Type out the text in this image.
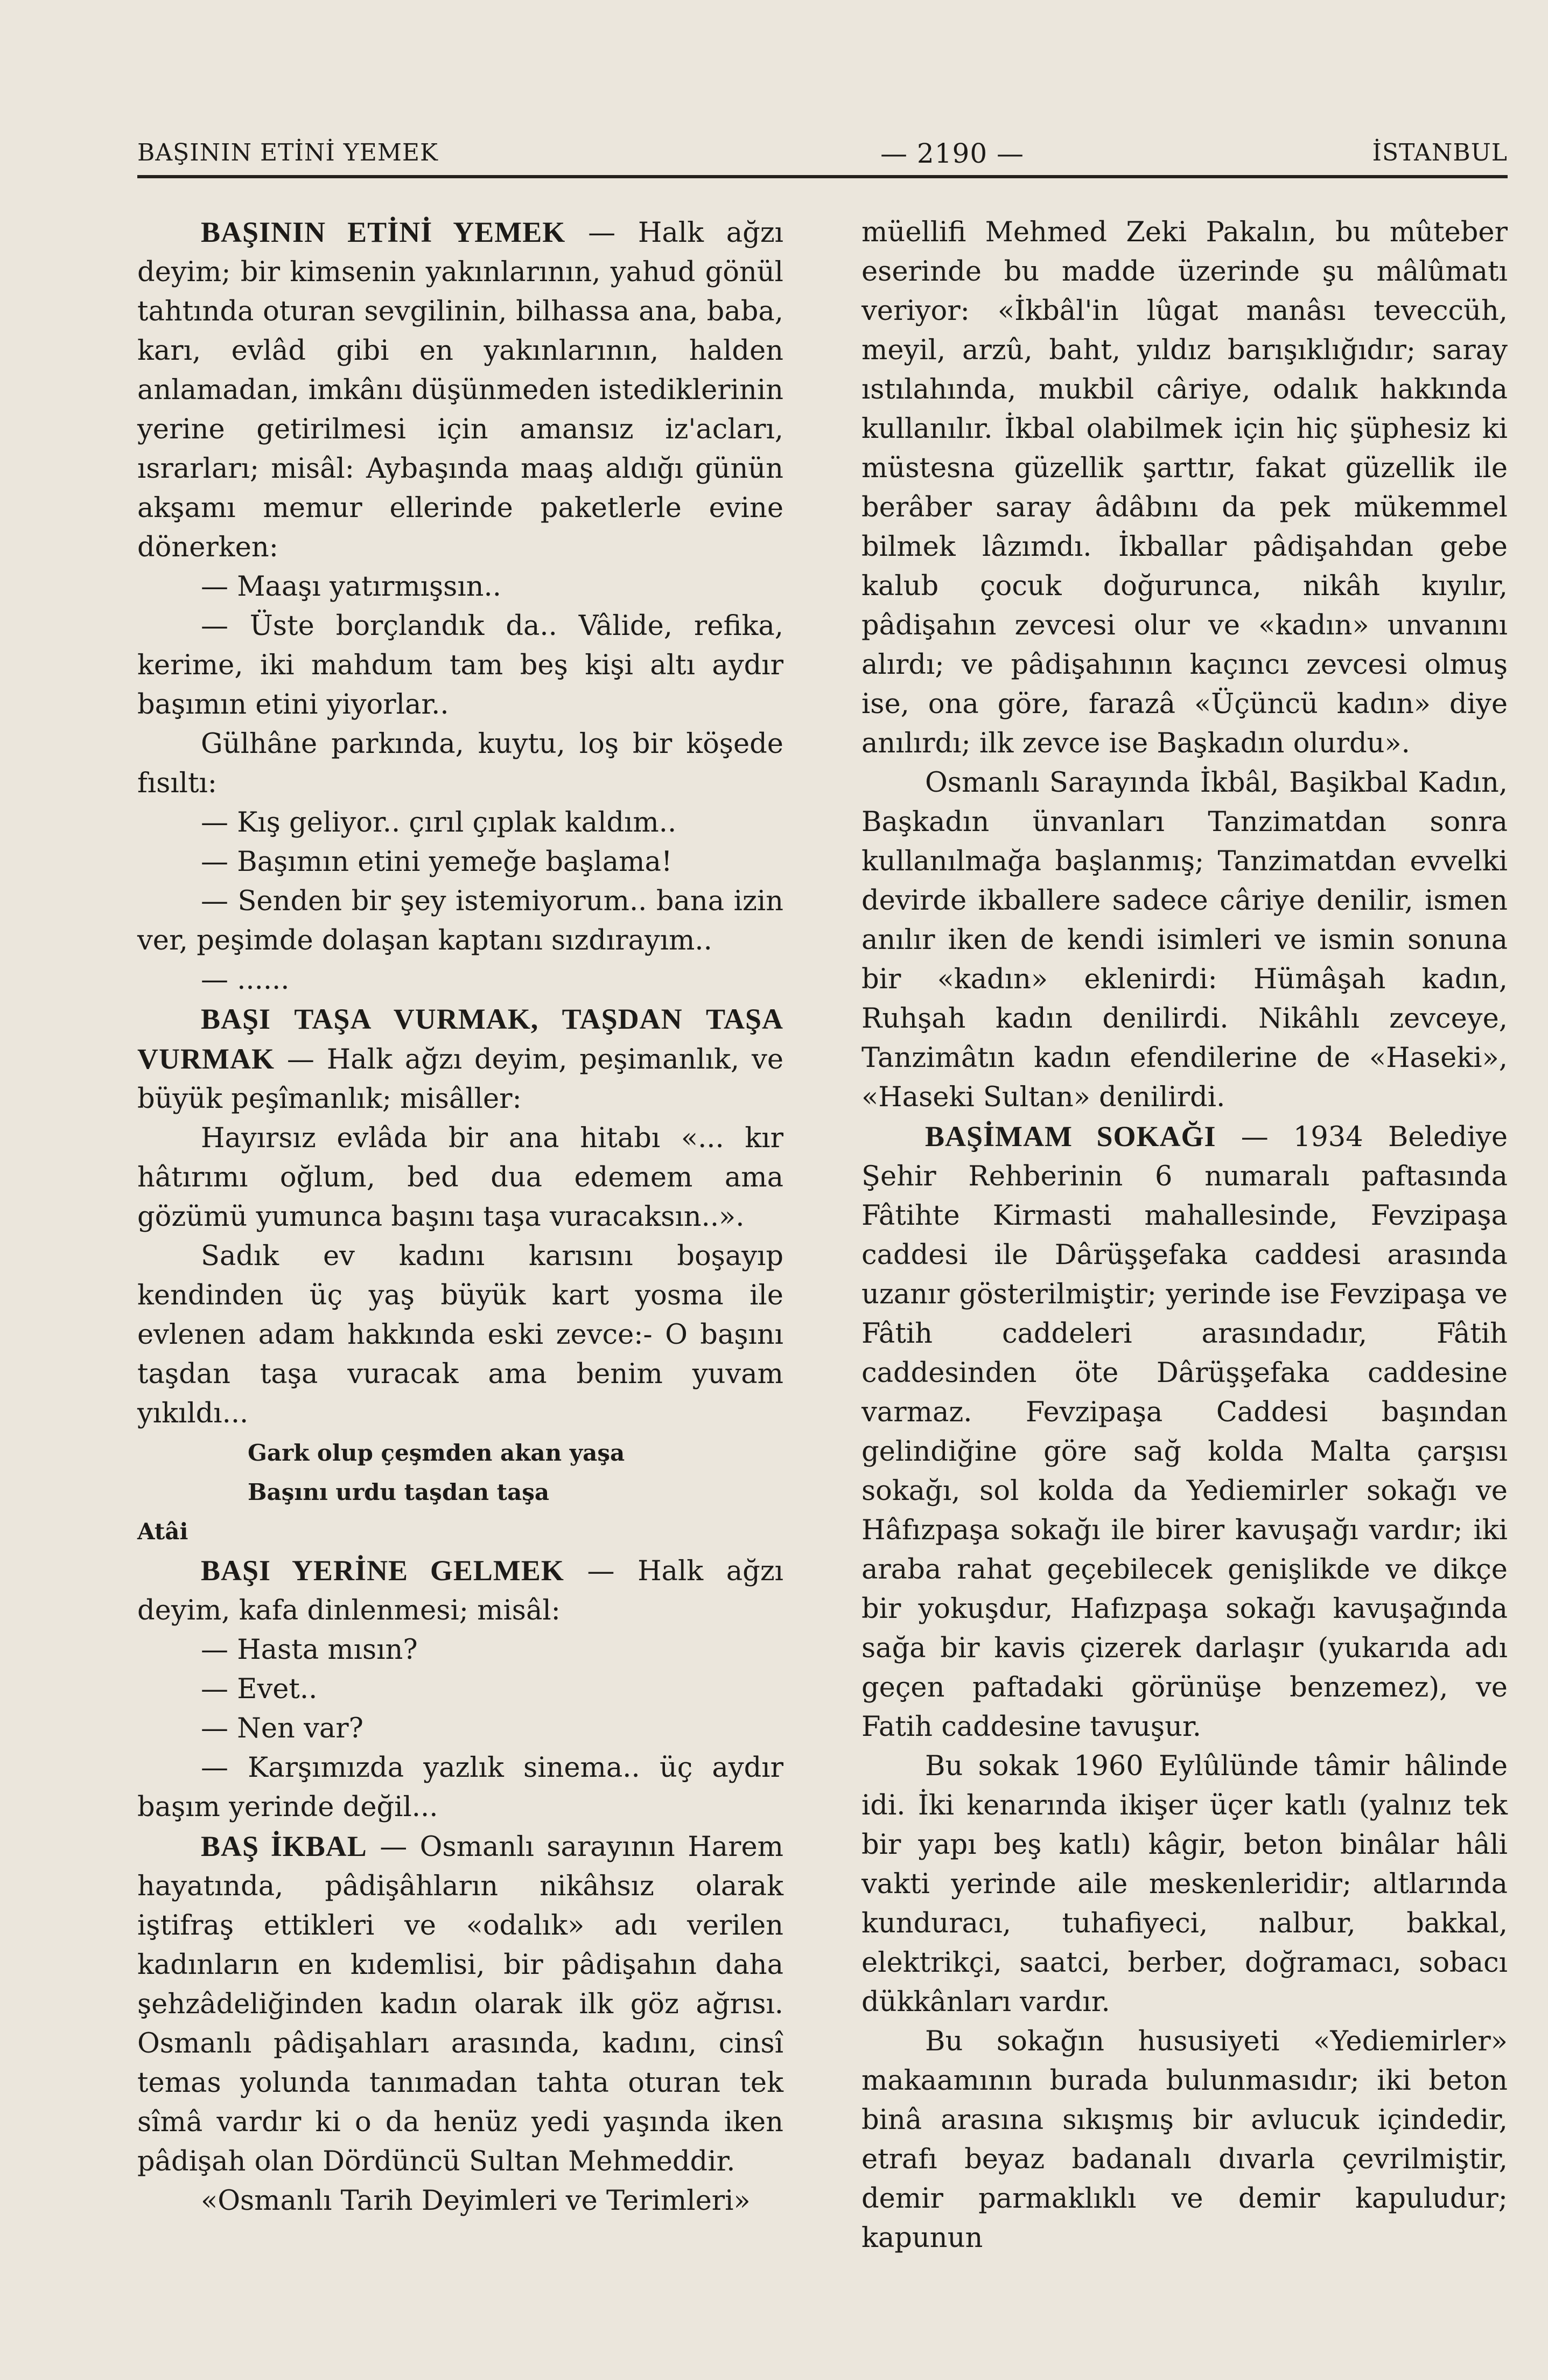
BAŞININ ETİNİ YEMEK	— 2190 —	İSTANBUL

BAŞININ ETİNİ YEMEK — Halk ağzı deyim; bir kimsenin yakınlarının, yahud gönül tahtında oturan sevgilinin, bilhassa ana, baba, karı, evlâd gibi en yakınlarının, halden anlamadan, imkânı düşünmeden istediklerinin yerine getirilmesi için amansız iz'acları, ısrarları; misâl: Aybaşında maaş aldığı günün akşamı memur ellerinde paketlerle evine dönerken:

— Maaşı yatırmışsın..

— Üste borçlandık da.. Vâlide, refika, kerime, iki mahdum tam beş kişi altı aydır başımın etini yiyorlar..

Gülhâne parkında, kuytu, loş bir köşede fısıltı:

— Kış geliyor.. çırıl çıplak kaldım..

— Başımın etini yemeğe başlama!

— Senden bir şey istemiyorum.. bana izin ver, peşimde dolaşan kaptanı sızdırayım..

— ......

BAŞI TAŞA VURMAK, TAŞDAN TAŞA VURMAK — Halk ağzı deyim, peşimanlık, ve büyük peşîmanlık; misâller:

Hayırsız evlâda bir ana hitabı «... kır hâtırımı oğlum, bed dua edemem ama gözümü yumunca başını taşa vuracaksın..».

Sadık ev kadını karısını boşayıp kendinden üç yaş büyük kart yosma ile evlenen adam hakkında eski zevce:- O başını taşdan taşa vuracak ama benim yuvam yıkıldı...

Gark olup çeşmden akan yaşa

Başını urdu taşdan taşa

Atâi

BAŞI YERİNE GELMEK — Halk ağzı deyim, kafa dinlenmesi; misâl:

— Hasta mısın?

— Evet..

— Nen var?

— Karşımızda yazlık sinema.. üç aydır başım yerinde değil...

BAŞ İKBAL — Osmanlı sarayının Harem hayatında, pâdişâhların nikâhsız olarak iştifraş ettikleri ve «odalık» adı verilen kadınların en kıdemlisi, bir pâdişahın daha şehzâdeliğinden kadın olarak ilk göz ağrısı. Osmanlı pâdişahları arasında, kadını, cinsî temas yolunda tanımadan tahta oturan tek sîmâ vardır ki o da henüz yedi yaşında iken pâdişah olan Dördüncü Sultan Mehmeddir.

«Osmanlı Tarih Deyimleri ve Terimleri»

müellifi Mehmed Zeki Pakalın, bu mûteber eserinde bu madde üzerinde şu mâlûmatı veriyor: «İkbâl'in lûgat manâsı teveccüh, meyil, arzû, baht, yıldız barışıklığıdır; saray ıstılahında, mukbil câriye, odalık hakkında kullanılır. İkbal olabilmek için hiç şüphesiz ki müstesna güzellik şarttır, fakat güzellik ile berâber saray âdâbını da pek mükemmel bilmek lâzımdı. İkballar pâdişahdan gebe kalub çocuk doğurunca, nikâh kıyılır, pâdişahın zevcesi olur ve «kadın» unvanını alırdı; ve pâdişahının kaçıncı zevcesi olmuş ise, ona göre, farazâ «Üçüncü kadın» diye anılırdı; ilk zevce ise Başkadın olurdu».

Osmanlı Sarayında İkbâl, Başikbal Kadın, Başkadın ünvanları Tanzimatdan sonra kullanılmağa başlanmış; Tanzimatdan evvelki devirde ikballere sadece câriye denilir, ismen anılır iken de kendi isimleri ve ismin sonuna bir «kadın» eklenirdi: Hümâşah kadın, Ruhşah kadın denilirdi. Nikâhlı zevceye, Tanzimâtın kadın efendilerine de «Haseki», «Haseki Sultan» denilirdi.

BAŞİMAM SOKAĞI — 1934 Belediye Şehir Rehberinin 6 numaralı paftasında Fâtihte Kirmasti mahallesinde, Fevzipaşa caddesi ile Dârüşşefaka caddesi arasında uzanır gösterilmiştir; yerinde ise Fevzipaşa ve Fâtih caddeleri arasındadır, Fâtih caddesinden öte Dârüşşefaka caddesine varmaz. Fevzipaşa Caddesi başından gelindiğine göre sağ kolda Malta çarşısı sokağı, sol kolda da Yediemirler sokağı ve Hâfızpaşa sokağı ile birer kavuşağı vardır; iki araba rahat geçebilecek genişlikde ve dikçe bir yokuşdur, Hafızpaşa sokağı kavuşağında sağa bir kavis çizerek darlaşır (yukarıda adı geçen paftadaki görünüşe benzemez), ve Fatih caddesine tavuşur.

Bu sokak 1960 Eylûlünde tâmir hâlinde idi. İki kenarında ikişer üçer katlı (yalnız tek bir yapı beş katlı) kâgir, beton binâlar hâli vakti yerinde aile meskenleridir; altlarında kunduracı, tuhafiyeci, nalbur, bakkal, elektrikçi, saatci, berber, doğramacı, sobacı dükkânları vardır.

Bu sokağın hususiyeti «Yediemirler» makaamının burada bulunmasıdır; iki beton binâ arasına sıkışmış bir avlucuk içindedir, etrafı beyaz badanalı dıvarla çevrilmiştir, demir parmaklıklı ve demir kapuludur; kapunun
